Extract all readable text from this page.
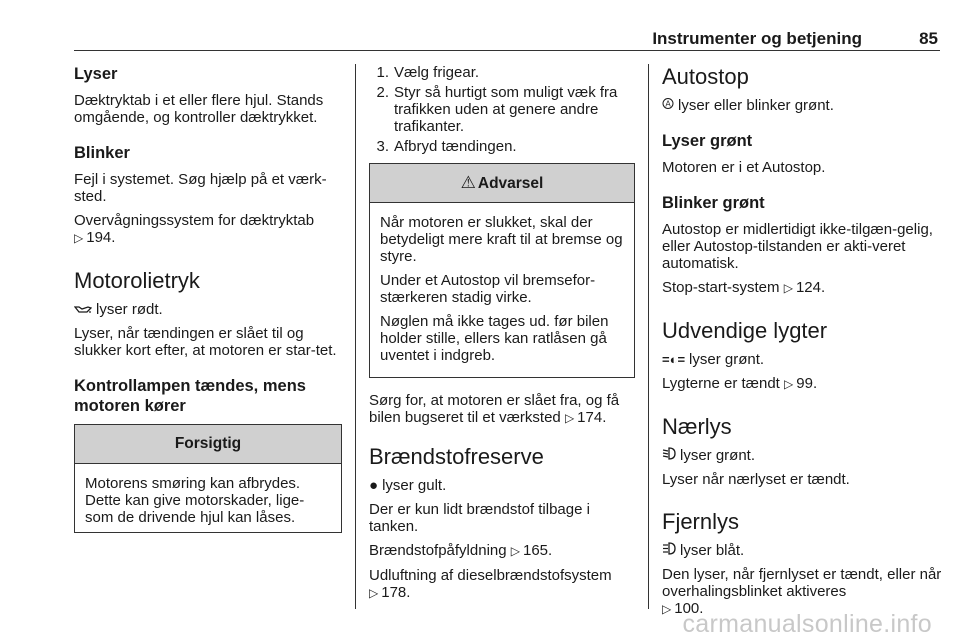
Instrumenter og betjening	85
Lyser

Dæktryktab i et eller flere hjul. Stands omgående, og kontroller dæktrykket.

Blinker

Fejl i systemet. Søg hjælp på et værk-sted.

Overvågningssystem for dæktryktab
▷ 194.

Motorolietryk

lyser rødt.

Lyser, når tændingen er slået til og slukker kort efter, at motoren er star-tet.

Kontrollampen tændes, mens motoren kører
Forsigtig
Motorens smøring kan afbrydes. Dette kan give motorskader, lige-som de drivende hjul kan låses.
1. Vælg frigear.
2. Styr så hurtigt som muligt væk fra trafikken uden at genere andre trafikanter.
3. Afbryd tændingen.
⚠ Advarsel

Når motoren er slukket, skal der betydeligt mere kraft til at bremse og styre.

Under et Autostop vil bremsefor-stærkeren stadig virke.

Nøglen må ikke tages ud. før bilen holder stille, ellers kan ratlåsen gå uventet i indgreb.

Sørg for, at motoren er slået fra, og få bilen bugseret til et værksted ▷ 174.

Brændstofreserve

● lyser gult.

Der er kun lidt brændstof tilbage i tanken.

Brændstofpåfyldning ▷ 165.

Udluftning af dieselbrændstofsystem
▷ 178.

Autostop

A lyser eller blinker grønt.

Lyser grønt

Motoren er i et Autostop.

Blinker grønt

Autostop er midlertidigt ikke-tilgæn-gelig, eller Autostop-tilstanden er akti-veret automatisk.

Stop-start-system ▷ 124.

Udvendige lygter

=◐= lyser grønt.

Lygterne er tændt ▷ 99.

Nærlys

lyser grønt.

Lyser når nærlyset er tændt.

Fjernlys

lyser blåt.

Den lyser, når fjernlyset er tændt, eller når overhalingsblinket aktiveres
▷ 100.

carmanualsonline.info
